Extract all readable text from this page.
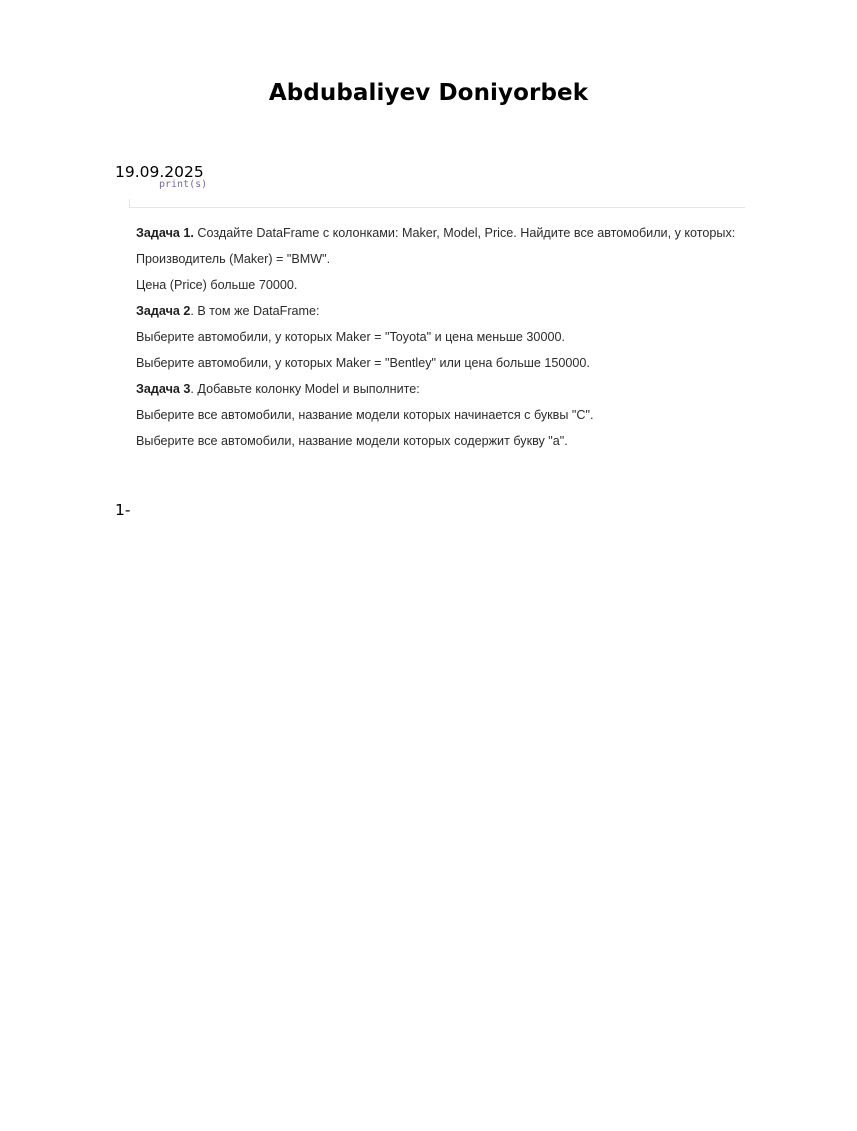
Abdubaliyev Doniyorbek
19.09.2025
print(s)
Задача 1. Создайте DataFrame с колонками: Maker, Model, Price. Найдите все автомобили, у которых:
Производитель (Maker) = "BMW".
Цена (Price) больше 70000.
Задача 2. В том же DataFrame:
Выберите автомобили, у которых Maker = "Toyota" и цена меньше 30000.
Выберите автомобили, у которых Maker = "Bentley" или цена больше 150000.
Задача 3. Добавьте колонку Model и выполните:
Выберите все автомобили, название модели которых начинается с буквы "С".
Выберите все автомобили, название модели которых содержит букву "а".
1-
